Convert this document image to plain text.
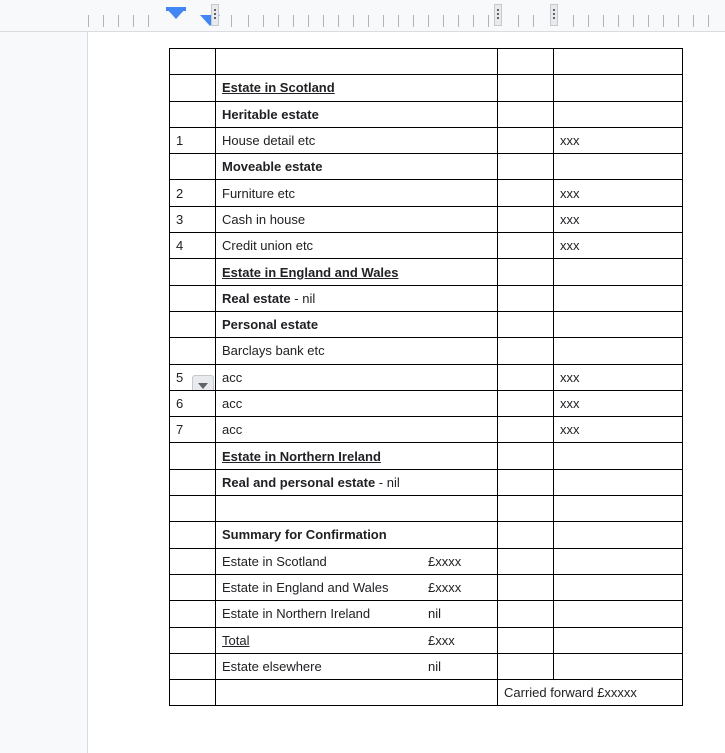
	Estate in Scotland		

	Heritable estate		

1	House detail etc		xxx

	Moveable estate		

2	Furniture etc		xxx

3	Cash in house		xxx

4	Credit union etc		xxx

	Estate in England and Wales		

	Real estate - nil		

	Personal estate		

	Barclays bank etc		

5	acc		xxx

6	acc		xxx

7	acc		xxx

	Estate in Northern Ireland		

	Real and personal estate - nil		

	Summary for Confirmation		

	Estate in Scotland £xxxx		

	Estate in England and Wales £xxxx		

	Estate in Northern Ireland nil		

	Total £xxx		

	Estate elsewhere nil		

		Carried forward £xxxxx	
